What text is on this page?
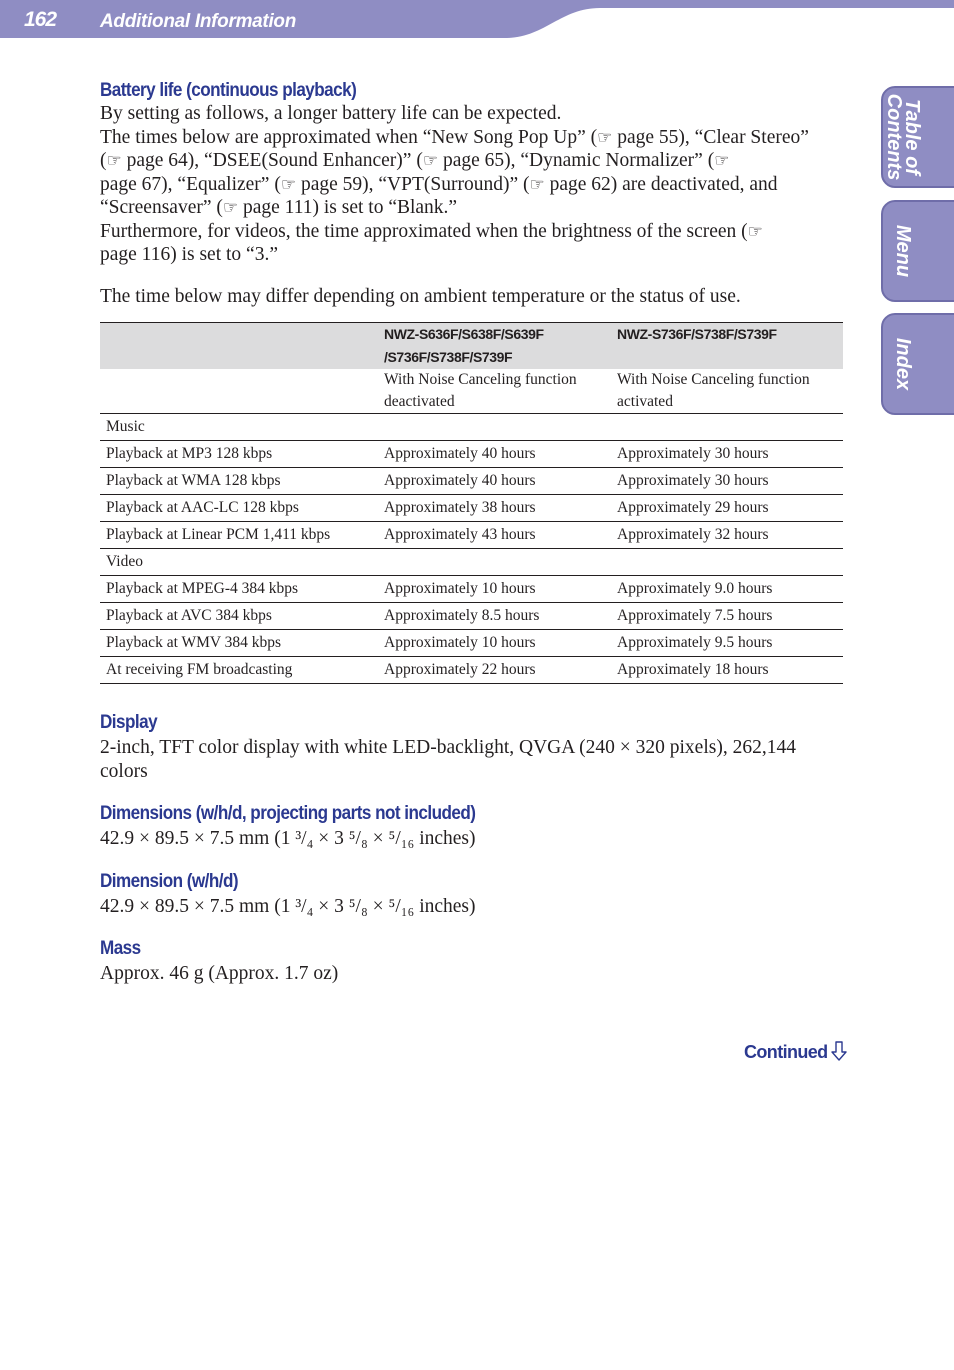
162 Additional Information
Table of Contents
Menu
Index
Battery life (continuous playback)

By setting as follows, a longer battery life can be expected.

The times below are approximated when “New Song Pop Up” (☞ page 55), “Clear Stereo”
(☞ page 64), “DSEE(Sound Enhancer)” (☞ page 65), “Dynamic Normalizer” (☞
page 67), “Equalizer” (☞ page 59), “VPT(Surround)” (☞ page 62) are deactivated, and
“Screensaver” (☞ page 111) is set to “Blank.”
Furthermore, for videos, the time approximated when the brightness of the screen (☞
page 116) is set to “3.”

The time below may differ depending on ambient temperature or the status of use.

	NWZ-S636F/S638F/S639F
/S736F/S738F/S739F	NWZ-S736F/S738F/S739F
	With Noise Canceling function
deactivated	With Noise Canceling function
activated
Music		
Playback at MP3 128 kbps	Approximately 40 hours	Approximately 30 hours
Playback at WMA 128 kbps	Approximately 40 hours	Approximately 30 hours
Playback at AAC-LC 128 kbps	Approximately 38 hours	Approximately 29 hours
Playback at Linear PCM 1,411 kbps	Approximately 43 hours	Approximately 32 hours
Video		
Playback at MPEG-4 384 kbps	Approximately 10 hours	Approximately 9.0 hours
Playback at AVC 384 kbps	Approximately 8.5 hours	Approximately 7.5 hours
Playback at WMV 384 kbps	Approximately 10 hours	Approximately 9.5 hours
At receiving FM broadcasting	Approximately 22 hours	Approximately 18 hours
Display

2-inch, TFT color display with white LED-backlight, QVGA (240 × 320 pixels), 262,144
colors

Dimensions (w/h/d, projecting parts not included)

42.9 × 89.5 × 7.5 mm (1 ³/₄ × 3 ⁵/₈ × ⁵/₁₆ inches)

Dimension (w/h/d)

42.9 × 89.5 × 7.5 mm (1 ³/₄ × 3 ⁵/₈ × ⁵/₁₆ inches)

Mass

Approx. 46 g (Approx. 1.7 oz)

Continued
